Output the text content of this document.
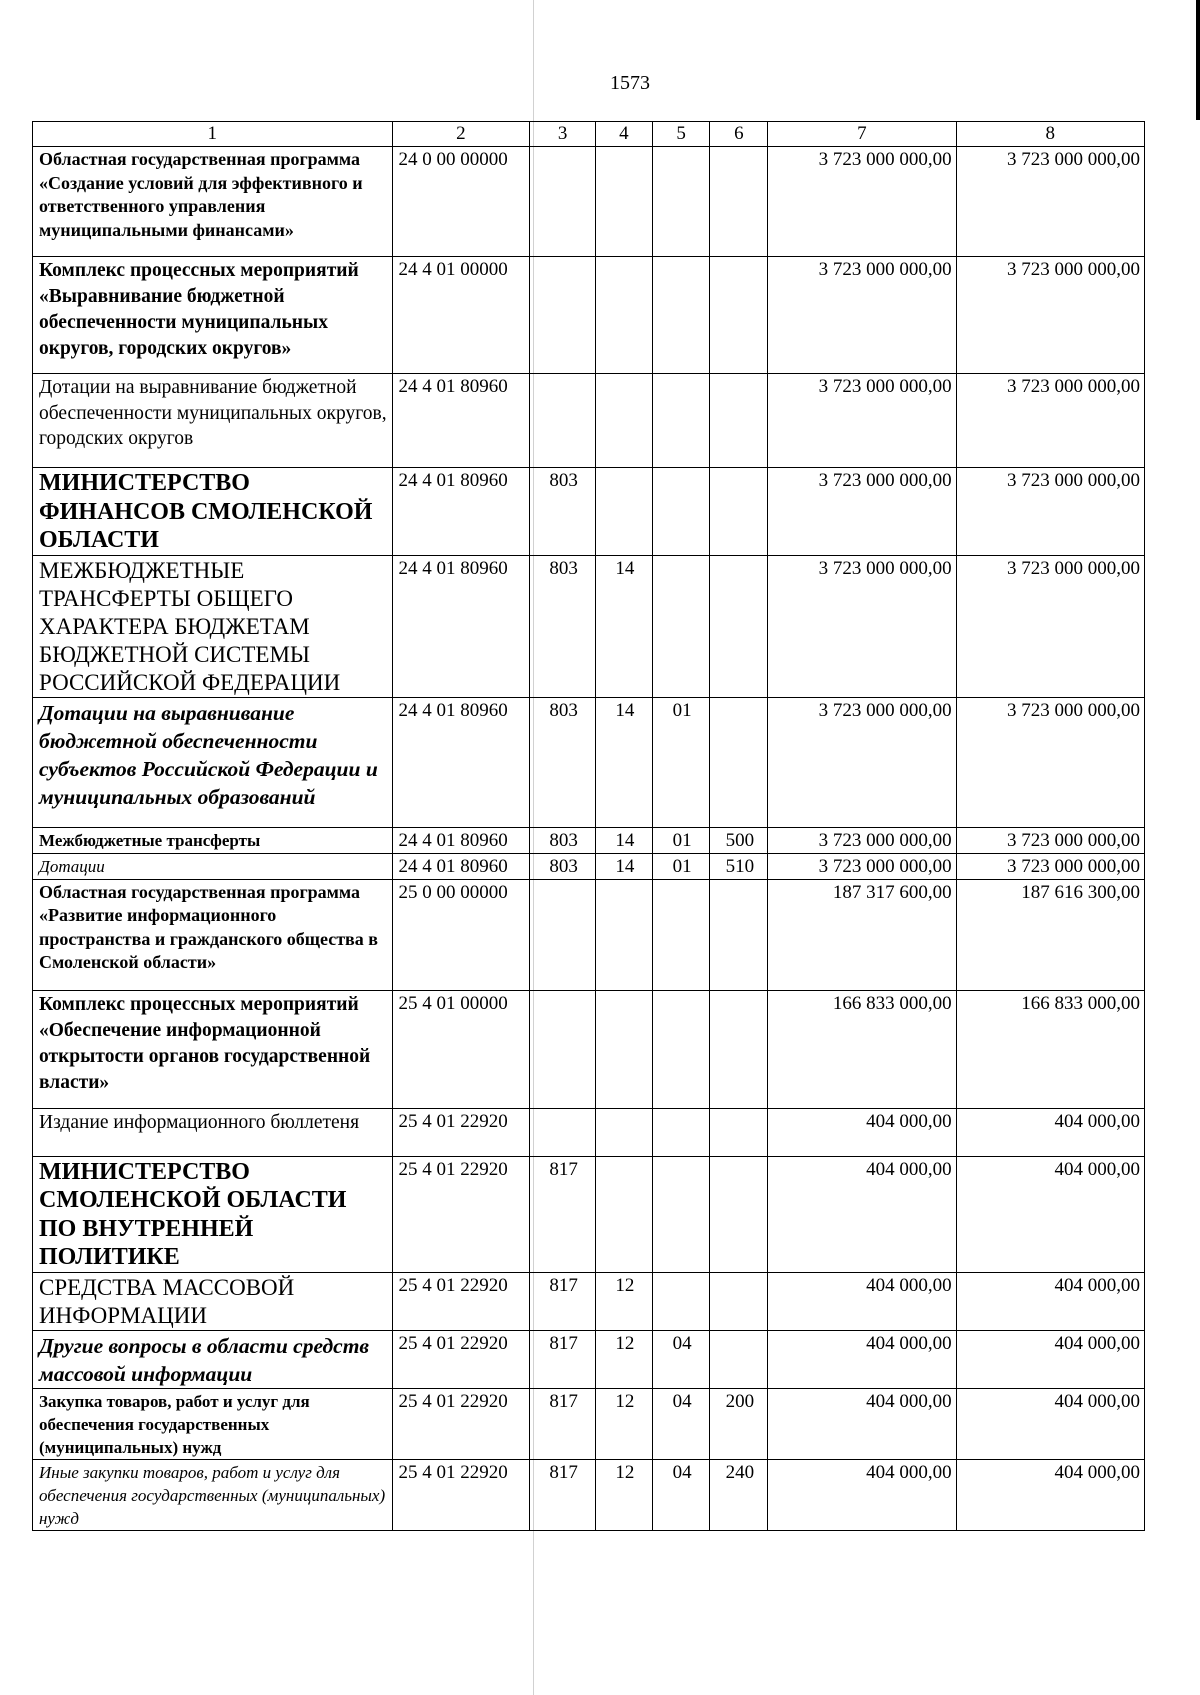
1573
1	2	3	4	5	6	7	8
Областная государственная программа «Создание условий для эффективного и ответственного управления муниципальными финансами»	24 0 00 00000					3 723 000 000,00	3 723 000 000,00
Комплекс процессных мероприятий «Выравнивание бюджетной обеспеченности муниципальных округов, городских округов»	24 4 01 00000					3 723 000 000,00	3 723 000 000,00
Дотации на выравнивание бюджетной обеспеченности муниципальных округов, городских округов	24 4 01 80960					3 723 000 000,00	3 723 000 000,00
МИНИСТЕРСТВО ФИНАНСОВ СМОЛЕНСКОЙ ОБЛАСТИ	24 4 01 80960	803				3 723 000 000,00	3 723 000 000,00
МЕЖБЮДЖЕТНЫЕ ТРАНСФЕРТЫ ОБЩЕГО ХАРАКТЕРА БЮДЖЕТАМ БЮДЖЕТНОЙ СИСТЕМЫ РОССИЙСКОЙ ФЕДЕРАЦИИ	24 4 01 80960	803	14			3 723 000 000,00	3 723 000 000,00
Дотации на выравнивание бюджетной обеспеченности субъектов Российской Федерации и муниципальных образований	24 4 01 80960	803	14	01		3 723 000 000,00	3 723 000 000,00
Межбюджетные трансферты	24 4 01 80960	803	14	01	500	3 723 000 000,00	3 723 000 000,00
Дотации	24 4 01 80960	803	14	01	510	3 723 000 000,00	3 723 000 000,00
Областная государственная программа «Развитие информационного пространства и гражданского общества в Смоленской области»	25 0 00 00000					187 317 600,00	187 616 300,00
Комплекс процессных мероприятий «Обеспечение информационной открытости органов государственной власти»	25 4 01 00000					166 833 000,00	166 833 000,00
Издание информационного бюллетеня	25 4 01 22920					404 000,00	404 000,00
МИНИСТЕРСТВО СМОЛЕНСКОЙ ОБЛАСТИ ПО ВНУТРЕННЕЙ ПОЛИТИКЕ	25 4 01 22920	817				404 000,00	404 000,00
СРЕДСТВА МАССОВОЙ ИНФОРМАЦИИ	25 4 01 22920	817	12			404 000,00	404 000,00
Другие вопросы в области средств массовой информации	25 4 01 22920	817	12	04		404 000,00	404 000,00
Закупка товаров, работ и услуг для обеспечения государственных (муниципальных) нужд	25 4 01 22920	817	12	04	200	404 000,00	404 000,00
Иные закупки товаров, работ и услуг для обеспечения государственных (муниципальных) нужд	25 4 01 22920	817	12	04	240	404 000,00	404 000,00
